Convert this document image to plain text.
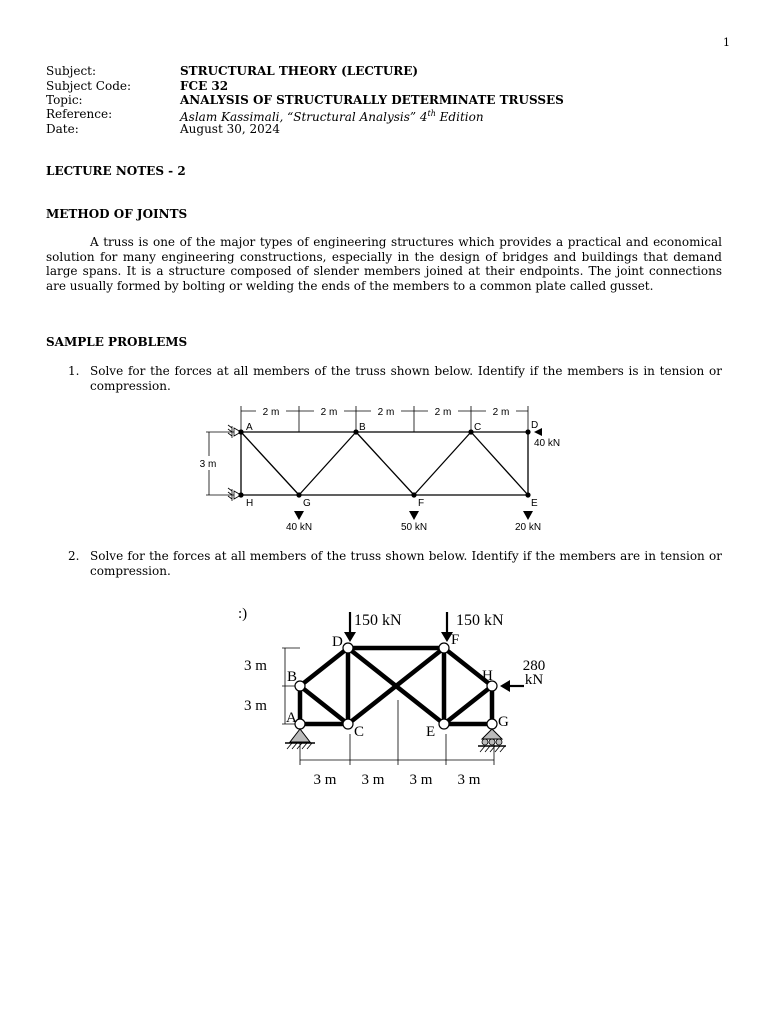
1
Subject:	STRUCTURAL THEORY (LECTURE)
Subject Code:	FCE 32
Topic:	ANALYSIS OF STRUCTURALLY DETERMINATE TRUSSES
Reference:	Aslam Kassimali, “Structural Analysis” 4th Edition
Date:	August 30, 2024
LECTURE NOTES - 2
METHOD OF JOINTS
A truss is one of the major types of engineering structures which provides a practical and economical solution for many engineering constructions, especially in the design of bridges and buildings that demand large spans. It is a structure composed of slender members joined at their endpoints. The joint connections are usually formed by bolting or welding the ends of the members to a common plate called gusset.
SAMPLE PROBLEMS
1. Solve for the forces at all members of the truss shown below. Identify if the members is in tension or compression.
2 m	2 m	2 m	2 m	2 m
3 m
A	B	C	D
H	G	F	E
40 kN
40 kN	50 kN	20 kN
2. Solve for the forces at all members of the truss shown below. Identify if the members are in tension or compression.
:)
3 m
3 m
3 m 3 m 3 m 3 m
A
B
C
D
E
F
G
H
150 kN	150 kN
280
kN
